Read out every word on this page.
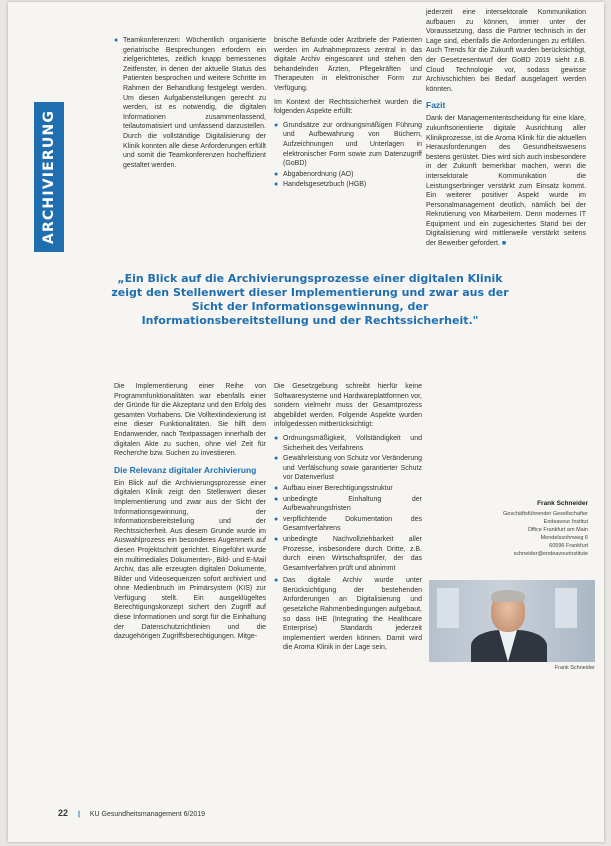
ARCHIVIERUNG
● Teamkonferenzen: Wöchentlich organisierte geriatrische Besprechungen erfordern ein zielgerichtetes, zeitlich knapp bemessenes Zeitfenster, in denen der aktuelle Status des Patienten besprochen und weitere Schritte im Rahmen der Behandlung festgelegt werden. Um diesen Aufgabenstellungen gerecht zu werden, ist es notwendig, die digitalen Informationen zusammenfassend, teilautomatisiert und umfassend darzustellen. Durch die vollständige Digitalisierung der Klinik konnten alle diese Anforderungen erfüllt und somit die Teamkonferenzen hocheffizient gestaltet werden.

bnische Befunde oder Arztbriefe der Patienten werden im Aufnahmeprozess zentral in das digitale Archiv eingescannt und stehen den behandelnden Ärzten, Pflegekräften und Therapeuten in elektronischer Form zur Verfügung.

Im Kontext der Rechtssicherheit wurden die folgenden Aspekte erfüllt:

● Grundsätze zur ordnungsmäßigen Führung und Aufbewahrung von Büchern, Aufzeichnungen und Unterlagen in elektronischer Form sowie zum Datenzugriff (GoBD)
● Abgabenordnung (AO)
● Handelsgesetzbuch (HGB)

jederzeit eine intersektorale Kommunikation aufbauen zu können, immer unter der Voraussetzung, dass die Partner technisch in der Lage sind, ebenfalls die Anforderungen zu erfüllen. Auch Trends für die Zukunft wurden berücksichtigt, der Gesetzesentwurf der GoBD 2019 sieht z.B. Cloud Technologie vor, sodass gewisse Archivschichten bei Bedarf ausgelagert werden könnten.

Fazit

Dank der Managemententscheidung für eine klare, zukunftsorientierte digitale Ausrichtung aller Klinikprozesse, ist die Aroma Klinik für die aktuellen Herausforderungen des Gesundheitswesens bestens gerüstet. Dies wird sich auch insbesondere in der Zukunft bemerkbar machen, wenn die intersektorale Kommunikation die Leistungserbringer verstärkt zum Einsatz kommt. Ein weiterer positiver Aspekt wurde im Personalmanagement deutlich, nämlich bei der Rekrutierung von Mitarbeitern. Denn modernes IT Equipment und ein zugesichertes Stand bei der Digitalisierung wird mittlerweile verstärkt seitens der Bewerber gefordert. ■

„Ein Blick auf die Archivierungsprozesse einer digitalen Klinik zeigt den Stellenwert dieser Implementierung und zwar aus der Sicht der Informationsgewinnung, der Informationsbereitstellung und der Rechtssicherheit."

Die Implementierung einer Reihe von Programmfunktionalitäten war ebenfalls einer der Gründe für die Akzeptanz und den Erfolg des gesamten Vorhabens. Die Volltextindexierung ist eine dieser Funktionalitäten. Sie hilft dem Endanwender, nach Textpassagen innerhalb der digitalen Akte zu suchen, ohne viel Zeit für Recherche bzw. Suchen zu investieren.

Die Relevanz digitaler Archivierung

Ein Blick auf die Archivierungsprozesse einer digitalen Klinik zeigt den Stellenwert dieser Implementierung und zwar aus der Sicht der Informationsgewinnung, der Informationsbereitstellung und der Rechtssicherheit. Aus diesem Grunde wurde im Auswahlprozess ein besonderes Augenmerk auf diesen Projektschritt gerichtet. Eingeführt wurde ein multimediales Dokumenten-, Bild- und E-Mail Archiv, das alle erzeugten digitalen Dokumente, Bilder und Videosequenzen sofort archiviert und ohne Medienbruch im Primärsystem (KIS) zur Verfügung stellt. Ein ausgeklügeltes Berechtigungskonzept sichert den Zugriff auf diese Informationen und sorgt für die Einhaltung der Datenschutzrichtlinien und die dazugehörigen Zugriffsberechtigungen. Mitge-

Die Gesetzgebung schreibt hierfür keine Softwaresysteme und Hardwareplattformen vor, sondern vielmehr muss der Gesamtprozess abgebildet werden. Folgende Aspekte wurden infolgedessen mitberücksichtigt:

● Ordnungsmäßigkeit, Vollständigkeit und Sicherheit des Verfahrens
● Gewährleistung von Schutz vor Veränderung und Verfälschung sowie garantierter Schutz vor Datenverlust
● Aufbau einer Berechtigungsstruktur
● unbedingte Einhaltung der Aufbewahrungsfristen
● verpflichtende Dokumentation des Gesamtverfahrens
● unbedingte Nachvollziehbarkeit aller Prozesse, insbesondere durch Dritte, z.B. durch einen Wirtschaftsprüfer, der das Gesamtverfahren prüft und abnimmt
● Das digitale Archiv wurde unter Berücksichtigung der bestehenden Anforderungen an Digitalisierung und gesetzliche Rahmenbedingungen aufgebaut, so dass IHE (Integrating the Healthcare Enterprise) Standards jederzeit implementiert werden können. Damit wird die Aroma Klinik in der Lage sein,
Frank Schneider
Geschäftsführender Gesellschafter
Endeavour Institut
Office Frankfurt am Main
Mendelssohnweg 6
60596 Frankfurt
schneider@endeavourinstitute
Frank Schneider
22 | KU Gesundheitsmanagement 6/2019
